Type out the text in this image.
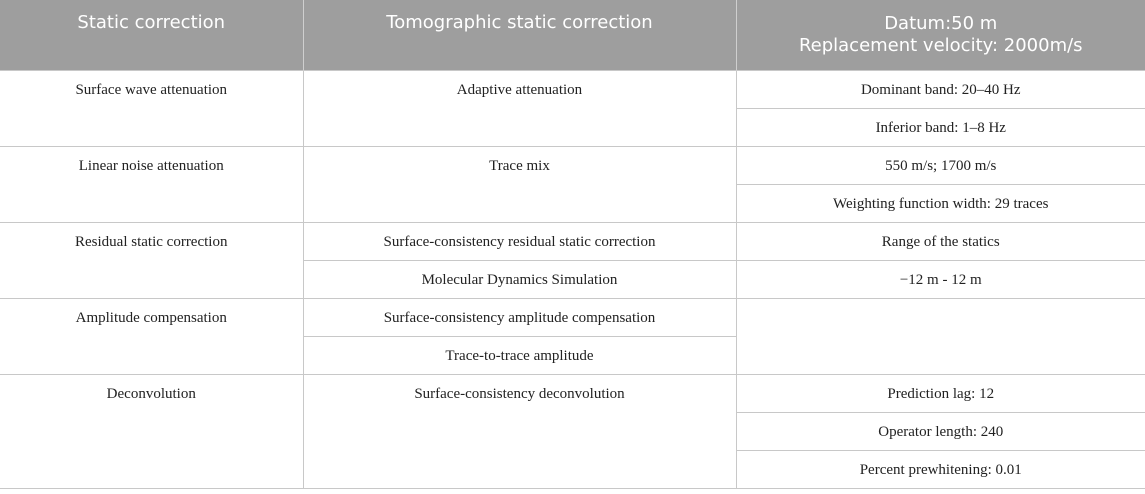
Static correction	Tomographic static correction	Datum:50 m
Replacement velocity: 2000m/s

Surface wave attenuation	Adaptive attenuation	Dominant band: 20–40 Hz
		Inferior band: 1–8 Hz
Linear noise attenuation	Trace mix	550 m/s; 1700 m/s
		Weighting function width: 29 traces
Residual static correction	Surface-consistency residual static correction	Range of the statics
	Molecular Dynamics Simulation	−12 m - 12 m
Amplitude compensation	Surface-consistency amplitude compensation	
	Trace-to-trace amplitude	
Deconvolution	Surface-consistency deconvolution	Prediction lag: 12
		Operator length: 240
		Percent prewhitening: 0.01
